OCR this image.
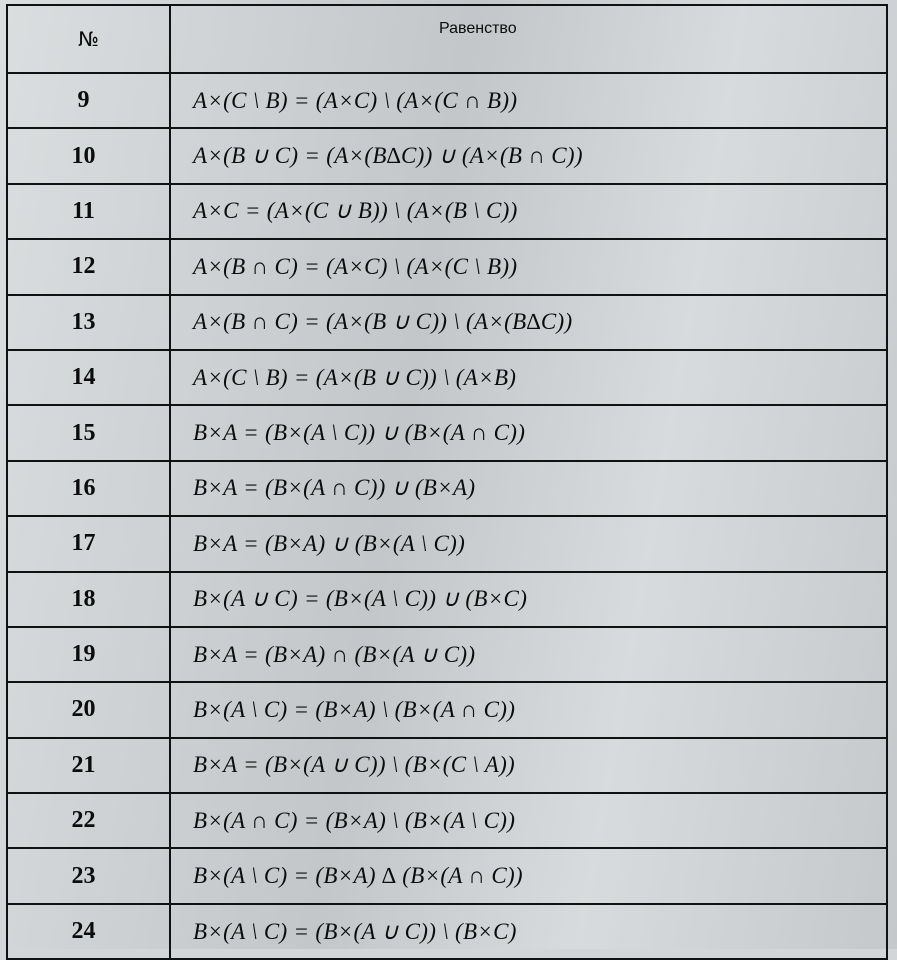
№	Равенство
9	A×(C \ B) = (A×C) \ (A×(C ∩ B))
10	A×(B ∪ C) = (A×(B∆C)) ∪ (A×(B ∩ C))
11	A×C = (A×(C ∪ B)) \ (A×(B \ C))
12	A×(B ∩ C) = (A×C) \ (A×(C \ B))
13	A×(B ∩ C) = (A×(B ∪ C)) \ (A×(B∆C))
14	A×(C \ B) = (A×(B ∪ C)) \ (A×B)
15	B×A = (B×(A \ C)) ∪ (B×(A ∩ C))
16	B×A = (B×(A ∩ C)) ∪ (B×A)
17	B×A = (B×A) ∪ (B×(A \ C))
18	B×(A ∪ C) = (B×(A \ C)) ∪ (B×C)
19	B×A = (B×A) ∩ (B×(A ∪ C))
20	B×(A \ C) = (B×A) \ (B×(A ∩ C))
21	B×A = (B×(A ∪ C)) \ (B×(C \ A))
22	B×(A ∩ C) = (B×A) \ (B×(A \ C))
23	B×(A \ C) = (B×A) ∆ (B×(A ∩ C))
24	B×(A \ C) = (B×(A ∪ C)) \ (B×C)
